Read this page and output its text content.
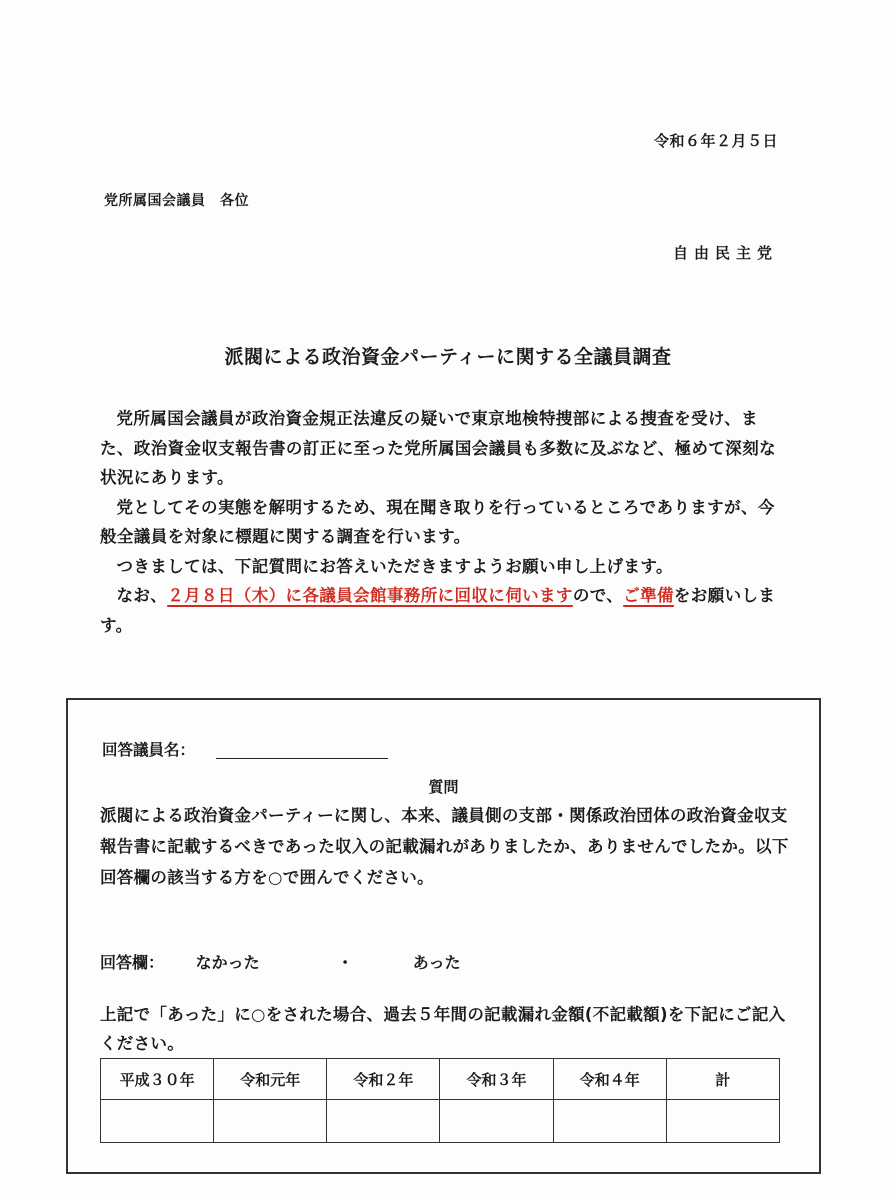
令和６年２月５日
党所属国会議員　各位
自由民主党
派閥による政治資金パーティーに関する全議員調査

党所属国会議員が政治資金規正法違反の疑いで東京地検特捜部による捜査を受け、また、政治資金収支報告書の訂正に至った党所属国会議員も多数に及ぶなど、極めて深刻な状況にあります。

党としてその実態を解明するため、現在聞き取りを行っているところでありますが、今般全議員を対象に標題に関する調査を行います。

つきましては、下記質問にお答えいただきますようお願い申し上げます。

なお、２月８日（木）に各議員会館事務所に回収に伺いますので、ご準備をお願いします。

回答議員名：
質問
派閥による政治資金パーティーに関し、本来、議員側の支部・関係政治団体の政治資金収支報告書に記載するべきであった収入の記載漏れがありましたか、ありませんでしたか。以下回答欄の該当する方を○で囲んでください。
回答欄： なかった	・	あった
上記で「あった」に○をされた場合、過去５年間の記載漏れ金額(不記載額)を下記にご記入ください。
平成３０年	令和元年	令和２年	令和３年	令和４年	計
